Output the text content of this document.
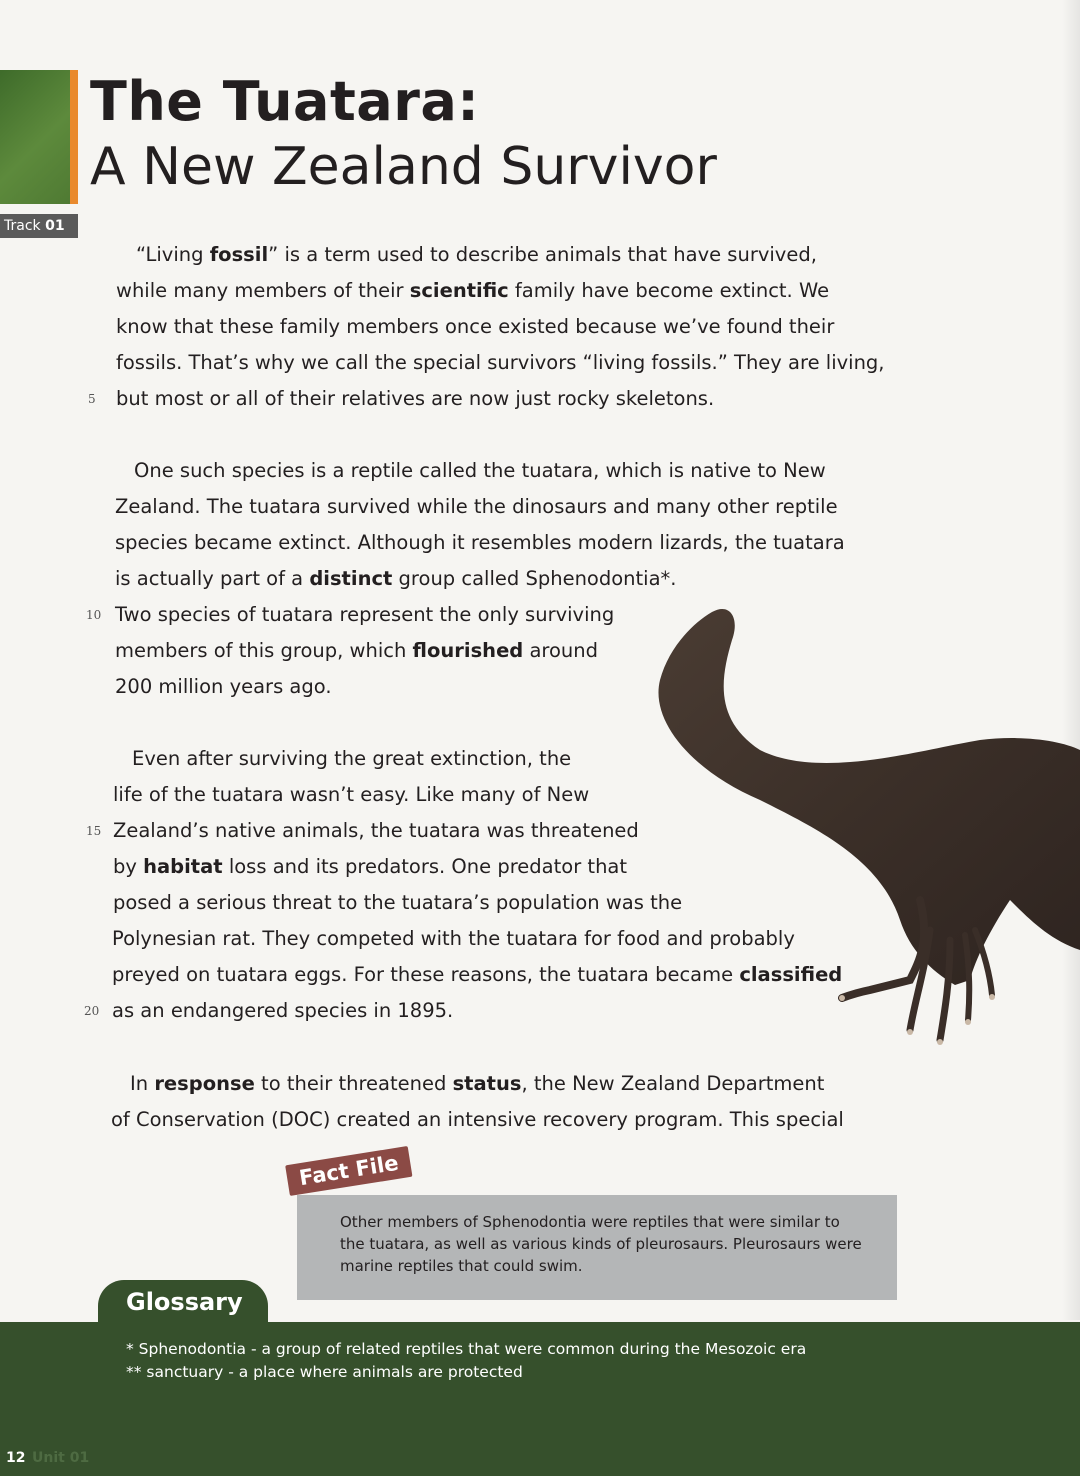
The Tuatara:
A New Zealand Survivor
Track 01
“Living fossil” is a term used to describe animals that have survived,
while many members of their scientific family have become extinct. We
know that these family members once existed because we’ve found their
fossils. That’s why we call the special survivors “living fossils.” They are living,
5 but most or all of their relatives are now just rocky skeletons.
One such species is a reptile called the tuatara, which is native to New
Zealand. The tuatara survived while the dinosaurs and many other reptile
species became extinct. Although it resembles modern lizards, the tuatara
is actually part of a distinct group called Sphenodontia*.
10 Two species of tuatara represent the only surviving
members of this group, which flourished around
200 million years ago.
Even after surviving the great extinction, the
life of the tuatara wasn’t easy. Like many of New
15 Zealand’s native animals, the tuatara was threatened
by habitat loss and its predators. One predator that
posed a serious threat to the tuatara’s population was the
Polynesian rat. They competed with the tuatara for food and probably
preyed on tuatara eggs. For these reasons, the tuatara became classified
20 as an endangered species in 1895.
In response to their threatened status, the New Zealand Department
of Conservation (DOC) created an intensive recovery program. This special
Other members of Sphenodontia were reptiles that were similar to
the tuatara, as well as various kinds of pleurosaurs. Pleurosaurs were
marine reptiles that could swim.
Fact File
Glossary
* Sphenodontia - a group of related reptiles that were common during the Mesozoic era
** sanctuary - a place where animals are protected
12 Unit 01
